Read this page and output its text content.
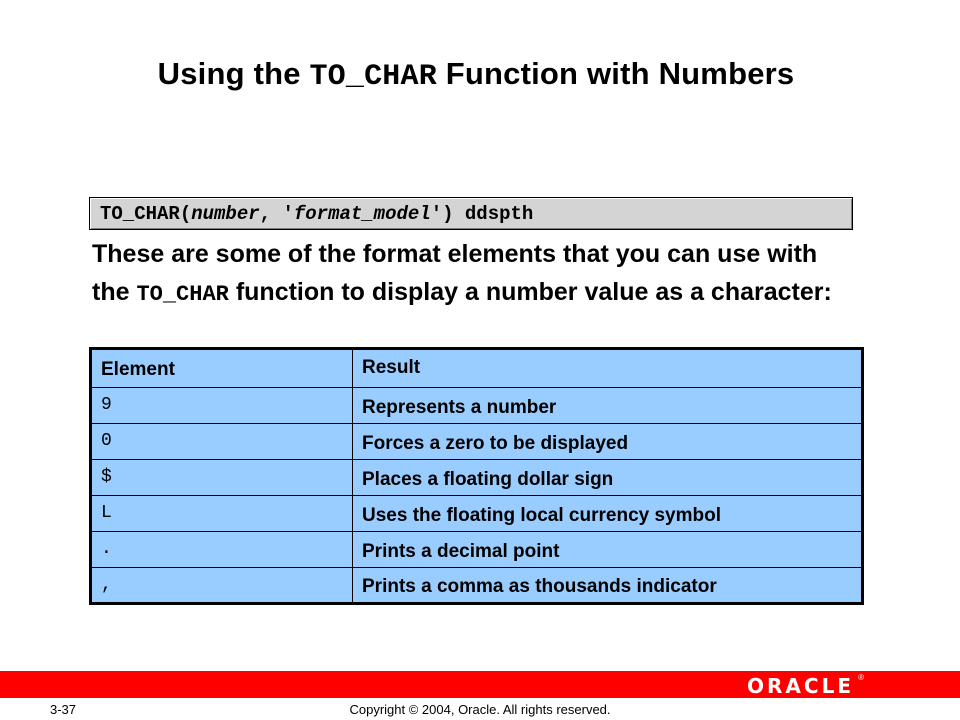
Using the TO_CHAR Function with Numbers
TO_CHAR(number, 'format_model') ddspth
These are some of the format elements that you can use with the TO_CHAR function to display a number value as a character:
Element	Result
9	Represents a number
0	Forces a zero to be displayed
$	Places a floating dollar sign
L	Uses the floating local currency symbol
.	Prints a decimal point
,	Prints a comma as thousands indicator
ORACLE ®
3-37	Copyright © 2004, Oracle. All rights reserved.
